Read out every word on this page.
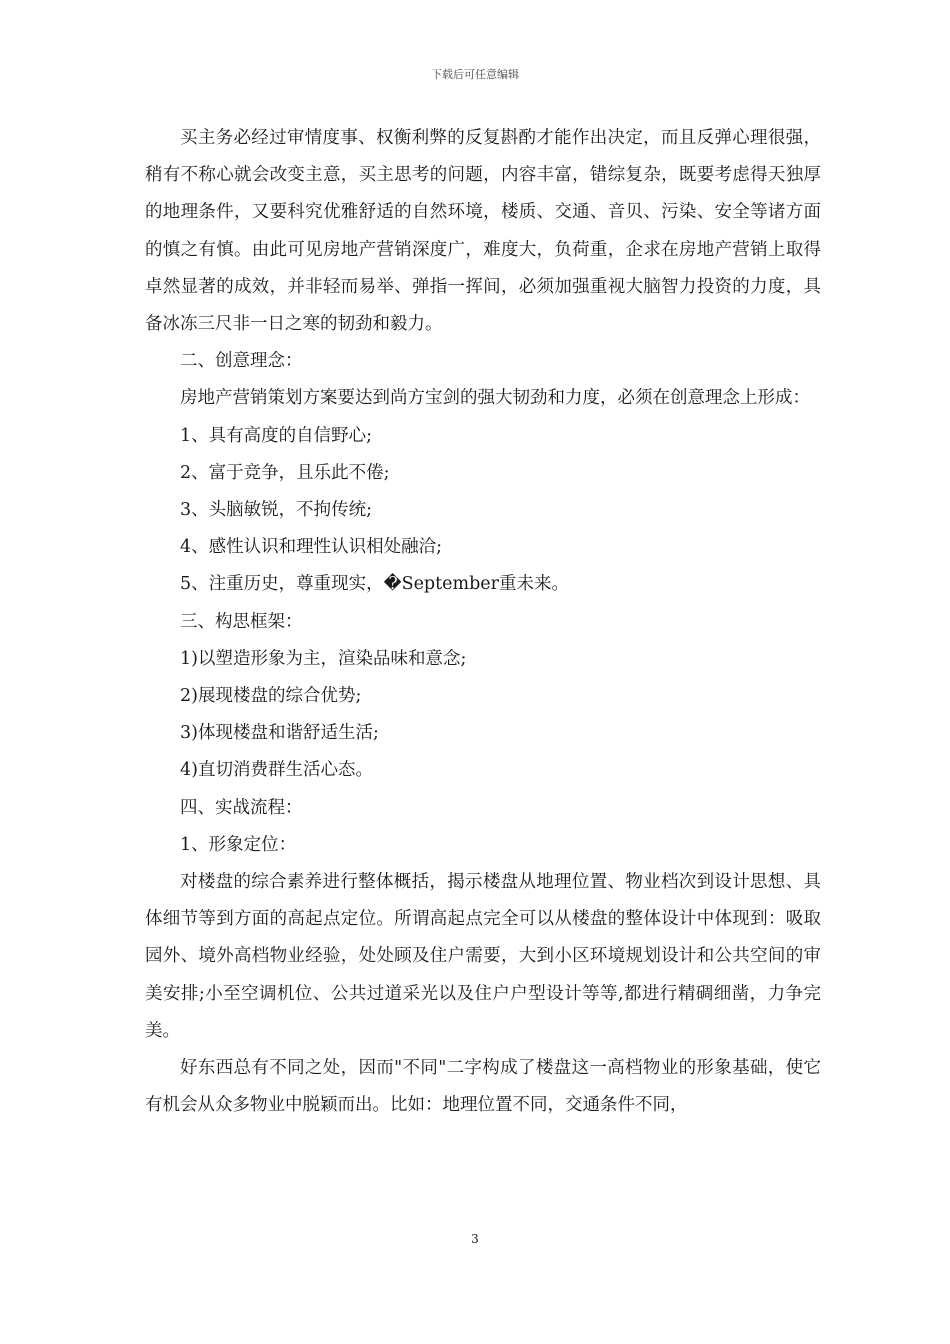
下载后可任意编辑

买主务必经过审情度事、权衡利弊的反复斟酌才能作出决定，而且反弹心理很强，稍有不称心就会改变主意，买主思考的问题，内容丰富，错综复杂，既要考虑得天独厚的地理条件，又要科究优雅舒适的自然环境，楼质、交通、音贝、污染、安全等诸方面的慎之有慎。由此可见房地产营销深度广，难度大，负荷重，企求在房地产营销上取得卓然显著的成效，并非轻而易举、弹指一挥间，必须加强重视大脑智力投资的力度，具备冰冻三尺非一日之寒的韧劲和毅力。

二、创意理念：

房地产营销策划方案要达到尚方宝剑的强大韧劲和力度，必须在创意理念上形成：

1、具有高度的自信野心;

2、富于竞争，且乐此不倦;

3、头脑敏锐，不拘传统;

4、感性认识和理性认识相处融洽;

5、注重历史，尊重现实，�September重未来。

三、构思框架：

1)以塑造形象为主，渲染品味和意念;

2)展现楼盘的综合优势;

3)体现楼盘和谐舒适生活;

4)直切消费群生活心态。

四、实战流程：

1、形象定位：

对楼盘的综合素养进行整体概括，揭示楼盘从地理位置、物业档次到设计思想、具体细节等到方面的高起点定位。所谓高起点完全可以从楼盘的整体设计中体现到：吸取园外、境外高档物业经验，处处顾及住户需要，大到小区环境规划设计和公共空间的审美安排;小至空调机位、公共过道采光以及住户户型设计等等,都进行精碉细凿，力争完美。

好东西总有不同之处，因而"不同"二字构成了楼盘这一高档物业的形象基础，使它有机会从众多物业中脱颖而出。比如：地理位置不同，交通条件不同，

3
